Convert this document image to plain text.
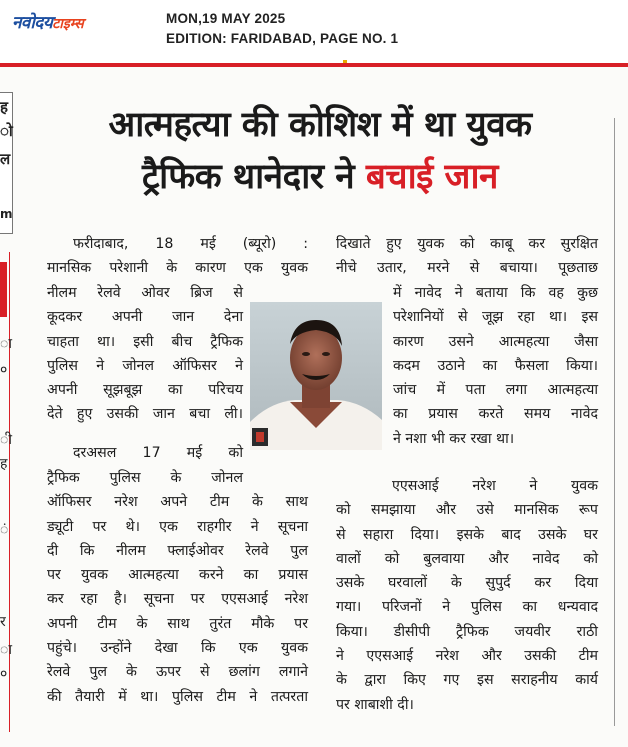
नवोदयटाइम्स	MON,19 MAY 2025
EDITION: FARIDABAD, PAGE NO. 1
ह
ो
ल
m
ा
०
ी
ह
ं
र
ा
०
आत्महत्या की कोशिश में था युवक
ट्रैफिक थानेदार ने बचाई जान
फरीदाबाद, 18 मई (ब्यूरो) :
मानसिक परेशानी के कारण एक युवक
नीलम रेलवे ओवर ब्रिज से
कूदकर अपनी जान देना
चाहता था। इसी बीच ट्रैफिक
पुलिस ने जोनल ऑफिसर ने
अपनी सूझबूझ का परिचय
देते हुए उसकी जान बचा ली।
दरअसल 17 मई को
ट्रैफिक पुलिस के जोनल
ऑफिसर नरेश अपने टीम के साथ
ड्यूटी पर थे। एक राहगीर ने सूचना
दी कि नीलम फ्लाईओवर रेलवे पुल
पर युवक आत्महत्या करने का प्रयास
कर रहा है। सूचना पर एएसआई नरेश
अपनी टीम के साथ तुरंत मौके पर
पहुंचे। उन्होंने देखा कि एक युवक
रेलवे पुल के ऊपर से छलांग लगाने
की तैयारी में था। पुलिस टीम ने तत्परता
दिखाते हुए युवक को काबू कर सुरक्षित
नीचे उतार, मरने से बचाया। पूछताछ
में नावेद ने बताया कि वह कुछ
परेशानियों से जूझ रहा था। इस
कारण उसने आत्महत्या जैसा
कदम उठाने का फैसला किया।
जांच में पता लगा आत्महत्या
का प्रयास करते समय नावेद
ने नशा भी कर रखा था।
एएसआई नरेश ने युवक
को समझाया और उसे मानसिक रूप
से सहारा दिया। इसके बाद उसके घर
वालों को बुलवाया और नावेद को
उसके घरवालों के सुपुर्द कर दिया
गया। परिजनों ने पुलिस का धन्यवाद
किया। डीसीपी ट्रैफिक जयवीर राठी
ने एएसआई नरेश और उसकी टीम
के द्वारा किए गए इस सराहनीय कार्य
पर शाबाशी दी।
